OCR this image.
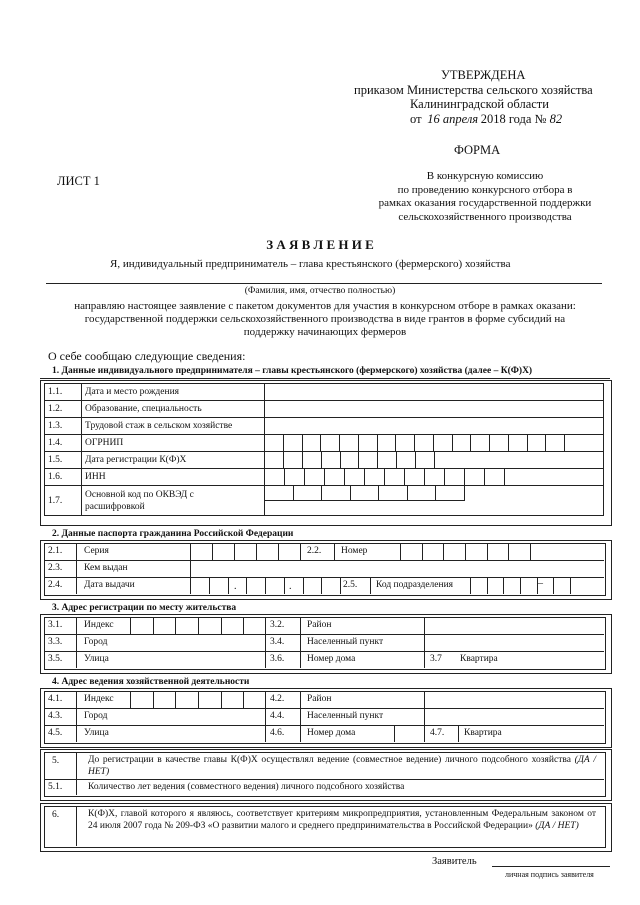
УТВЕРЖДЕНА
приказом Министерства сельского хозяйства
Калининградской области
от 16 апреля 2018 года № 82
ФОРМА
ЛИСТ 1	В конкурсную комиссию
по проведению конкурсного отбора в
рамках оказания государственной поддержки
сельскохозяйственного производства
З А Я В Л Е Н И Е
Я, индивидуальный предприниматель – глава крестьянского (фермерского) хозяйства
(Фамилия, имя, отчество полностью)
направляю настоящее заявление с пакетом документов для участия в конкурсном отборе в рамках оказани:
государственной поддержки сельскохозяйственного производства в виде грантов в форме субсидий на
поддержку начинающих фермеров
О себе сообщаю следующие сведения:
1. Данные индивидуального предпринимателя – главы крестьянского (фермерского) хозяйства (далее – К(Ф)Х)
1.1.	Дата и место рождения	
1.2.	Образование, специальность	
1.3.	Трудовой стаж в сельском хозяйстве	
1.4.	ОГРНИП	

1.5.	Дата регистрации К(Ф)Х	

1.6.	ИНН	

1.7.	Основной код по ОКВЭД с
расшифровкой	

2. Данные паспорта гражданина Российской Федерации
2.1. Серия	2.2. Номер
2.3. Кем выдан
2.4. Дата выдачи	.	.	2.5. Код подразделения	–
3. Адрес регистрации по месту жительства
3.1. Индекс	3.2. Район
3.3. Город	3.4. Населенный пункт
3.5. Улица	3.6. Номер дома	3.7 Квартира
4. Адрес ведения хозяйственной деятельности
4.1. Индекс	4.2. Район
4.3. Город	4.4. Населенный пункт
4.5. Улица	4.6. Номер дома	4.7. Квартира
5.	До регистрации в качестве главы К(Ф)Х осуществлял ведение (совместное ведение) личного подсобного хозяйства (ДА / НЕТ)
5.1.	Количество лет ведения (совместного ведения) личного подсобного хозяйства
6.	К(Ф)Х, главой которого я являюсь, соответствует критериям микропредприятия, установленным Федеральным законом от 24 июля 2007 года № 209-ФЗ «О развитии малого и среднего предпринимательства в Российской Федерации» (ДА / НЕТ)
Заявитель
личная подпись заявителя
